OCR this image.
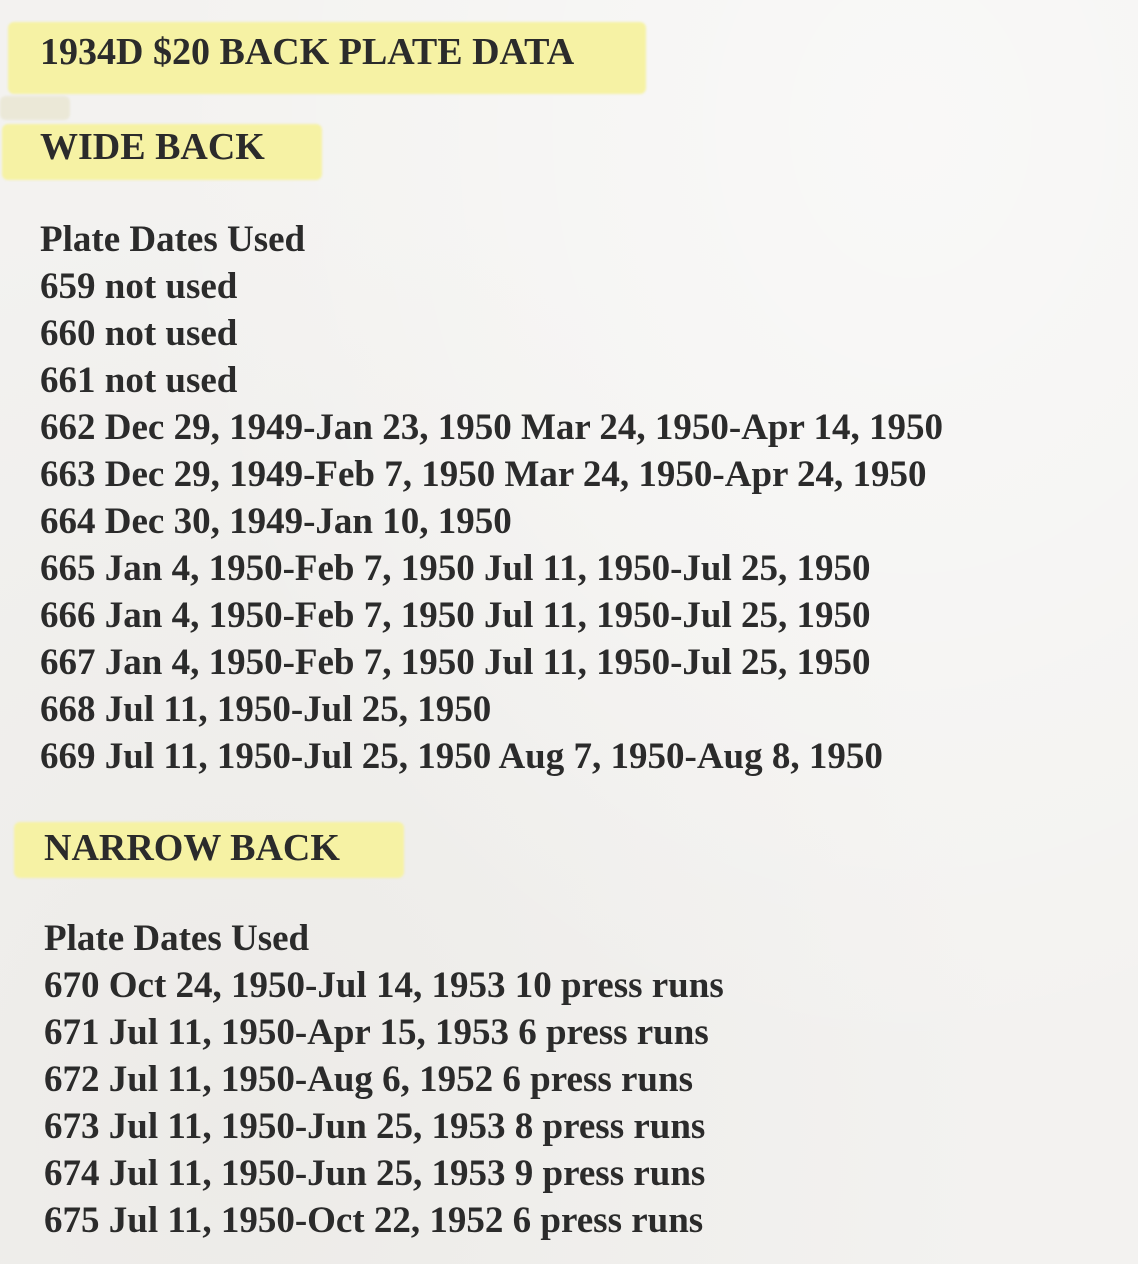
1934D $20 BACK PLATE DATA
WIDE BACK
Plate Dates Used
659 not used
660 not used
661 not used
662 Dec 29, 1949-Jan 23, 1950 Mar 24, 1950-Apr 14, 1950
663 Dec 29, 1949-Feb 7, 1950 Mar 24, 1950-Apr 24, 1950
664 Dec 30, 1949-Jan 10, 1950
665 Jan 4, 1950-Feb 7, 1950 Jul 11, 1950-Jul 25, 1950
666 Jan 4, 1950-Feb 7, 1950 Jul 11, 1950-Jul 25, 1950
667 Jan 4, 1950-Feb 7, 1950 Jul 11, 1950-Jul 25, 1950
668 Jul 11, 1950-Jul 25, 1950
669 Jul 11, 1950-Jul 25, 1950 Aug 7, 1950-Aug 8, 1950
NARROW BACK
Plate Dates Used
670 Oct 24, 1950-Jul 14, 1953 10 press runs
671 Jul 11, 1950-Apr 15, 1953 6 press runs
672 Jul 11, 1950-Aug 6, 1952 6 press runs
673 Jul 11, 1950-Jun 25, 1953 8 press runs
674 Jul 11, 1950-Jun 25, 1953 9 press runs
675 Jul 11, 1950-Oct 22, 1952 6 press runs
